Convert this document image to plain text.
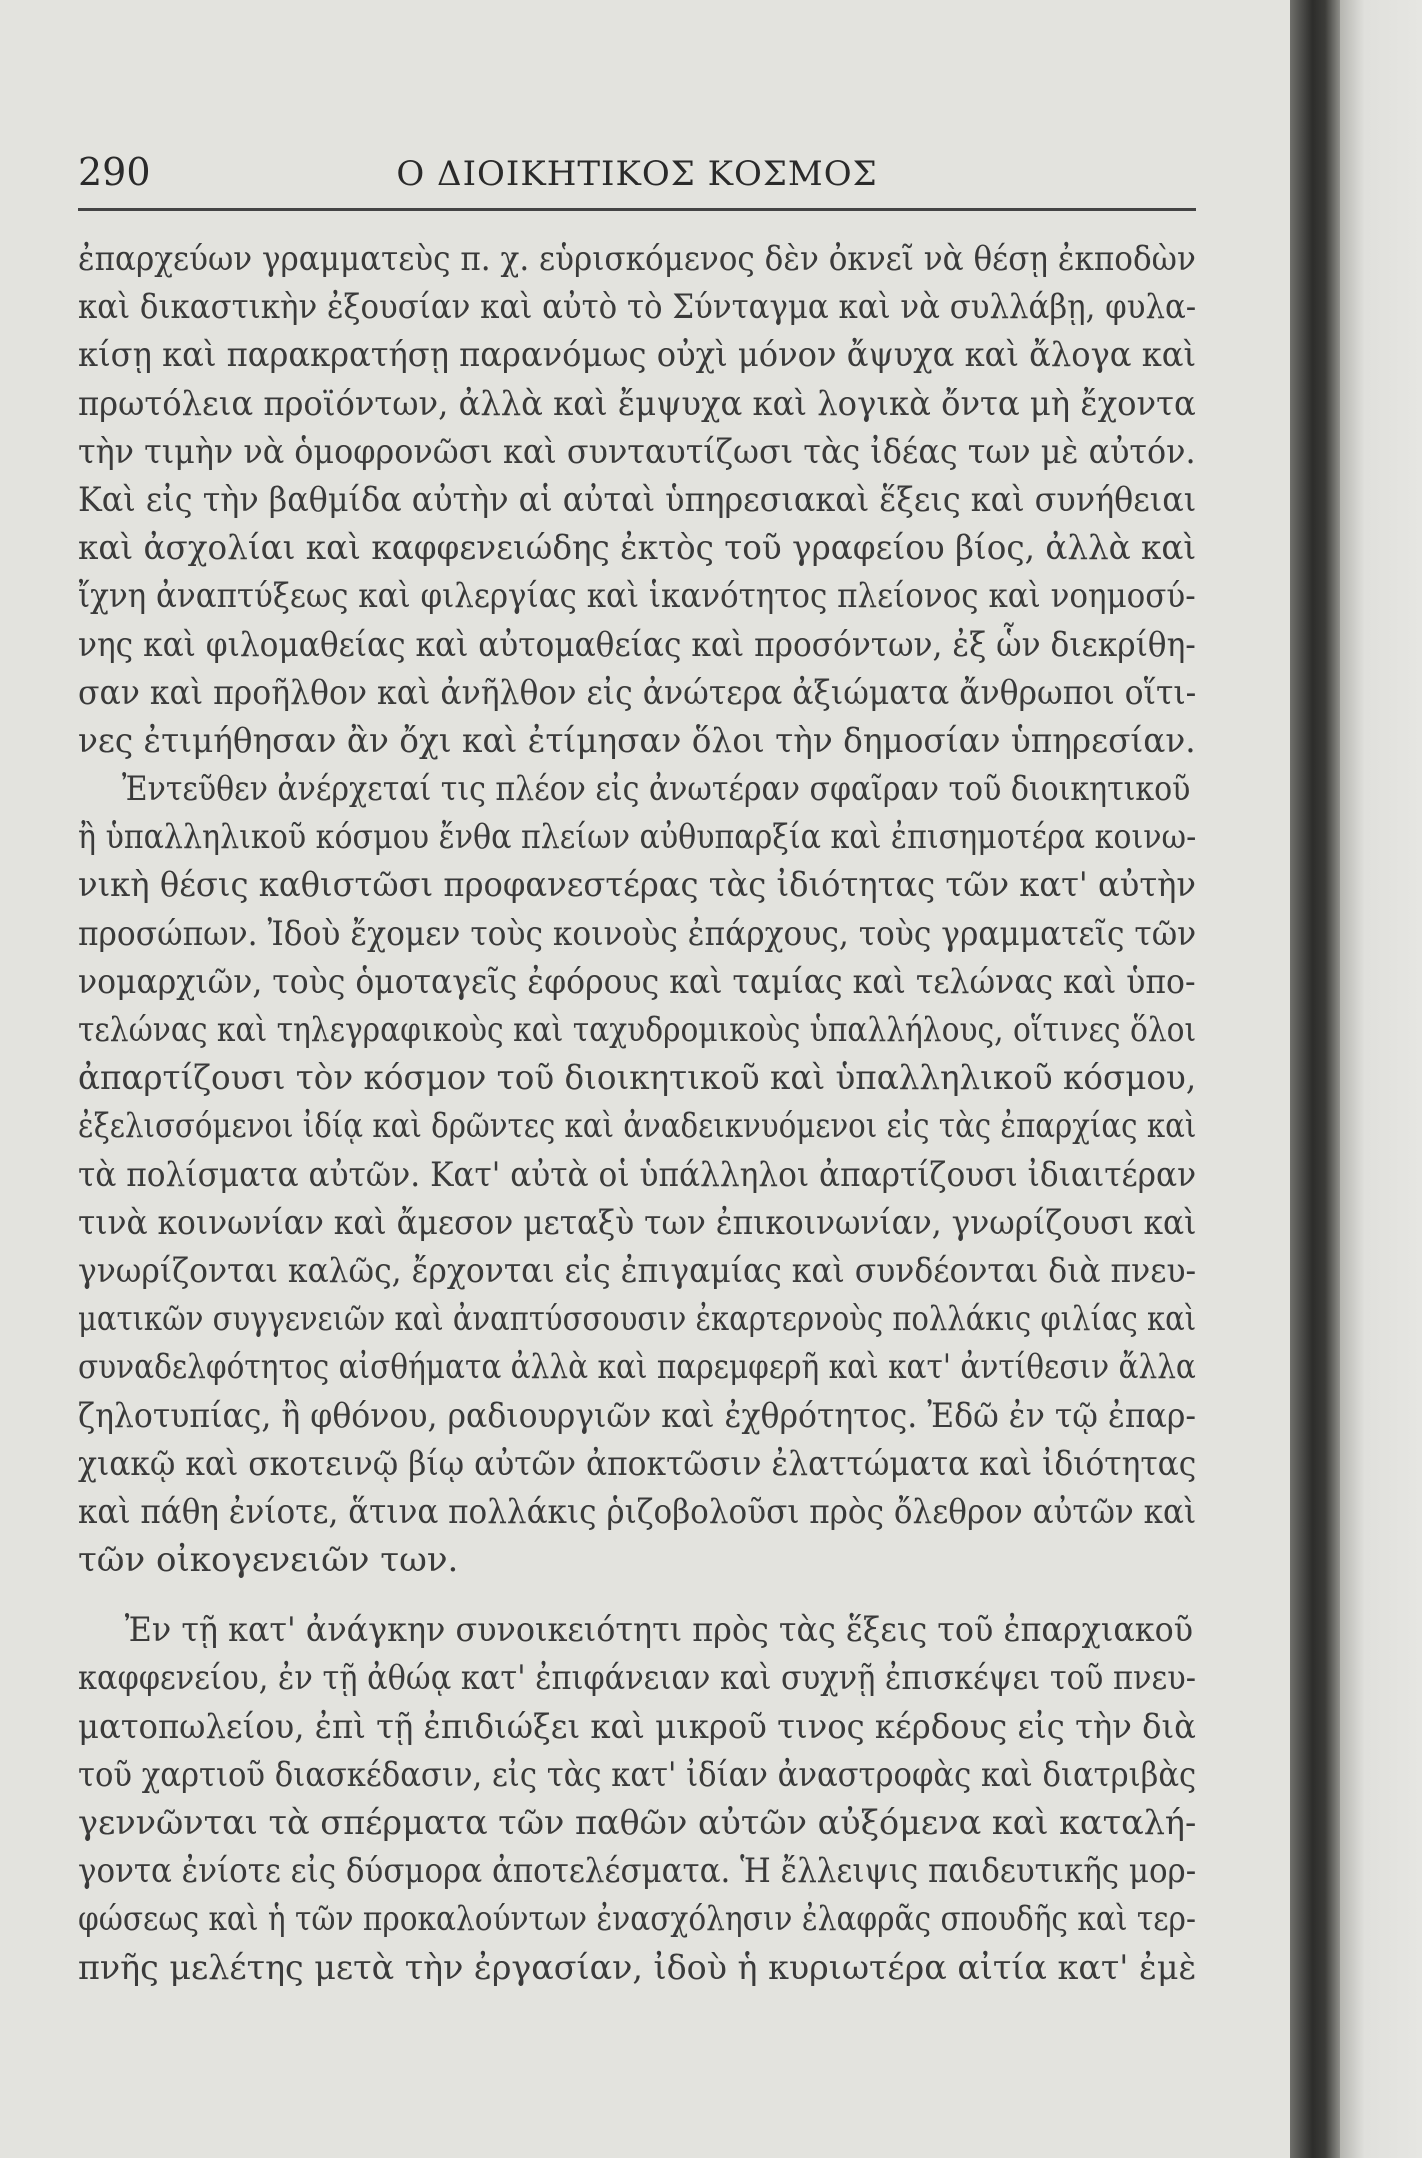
290	Ο ΔΙΟΙΚΗΤΙΚΟΣ ΚΟΣΜΟΣ
ἐπαρχεύων γραμματεὺς π. χ. εὑρισκόμενος δὲν ὀκνεῖ νὰ θέσῃ ἐκποδὼν
καὶ δικαστικὴν ἐξουσίαν καὶ αὐτὸ τὸ Σύνταγμα καὶ νὰ συλλάβῃ, φυλα-
κίσῃ καὶ παρακρατήσῃ παρανόμως οὐχὶ μόνον ἄψυχα καὶ ἄλογα καὶ
πρωτόλεια προϊόντων, ἀλλὰ καὶ ἔμψυχα καὶ λογικὰ ὄντα μὴ ἔχοντα
τὴν τιμὴν νὰ ὁμοφρονῶσι καὶ συνταυτίζωσι τὰς ἰδέας των μὲ αὐτόν.
Καὶ εἰς τὴν βαθμίδα αὐτὴν αἱ αὐταὶ ὑπηρεσιακαὶ ἕξεις καὶ συνήθειαι
καὶ ἀσχολίαι καὶ καφφενειώδης ἐκτὸς τοῦ γραφείου βίος, ἀλλὰ καὶ
ἴχνη ἀναπτύξεως καὶ φιλεργίας καὶ ἱκανότητος πλείονος καὶ νοημοσύ-
νης καὶ φιλομαθείας καὶ αὐτομαθείας καὶ προσόντων, ἐξ ὧν διεκρίθη-
σαν καὶ προῆλθον καὶ ἀνῆλθον εἰς ἀνώτερα ἀξιώματα ἄνθρωποι οἵτι-
νες ἐτιμήθησαν ἂν ὄχι καὶ ἐτίμησαν ὅλοι τὴν δημοσίαν ὑπηρεσίαν.
Ἐντεῦθεν ἀνέρχεταί τις πλέον εἰς ἀνωτέραν σφαῖραν τοῦ διοικητικοῦ
ἢ ὑπαλληλικοῦ κόσμου ἔνθα πλείων αὐθυπαρξία καὶ ἐπισημοτέρα κοινω-
νικὴ θέσις καθιστῶσι προφανεστέρας τὰς ἰδιότητας τῶν κατ' αὐτὴν
προσώπων. Ἰδοὺ ἔχομεν τοὺς κοινοὺς ἐπάρχους, τοὺς γραμματεῖς τῶν
νομαρχιῶν, τοὺς ὁμοταγεῖς ἐφόρους καὶ ταμίας καὶ τελώνας καὶ ὑπο-
τελώνας καὶ τηλεγραφικοὺς καὶ ταχυδρομικοὺς ὑπαλλήλους, οἵτινες ὅλοι
ἀπαρτίζουσι τὸν κόσμον τοῦ διοικητικοῦ καὶ ὑπαλληλικοῦ κόσμου,
ἐξελισσόμενοι ἰδίᾳ καὶ δρῶντες καὶ ἀναδεικνυόμενοι εἰς τὰς ἐπαρχίας καὶ
τὰ πολίσματα αὐτῶν. Κατ' αὐτὰ οἱ ὑπάλληλοι ἀπαρτίζουσι ἰδιαιτέραν
τινὰ κοινωνίαν καὶ ἄμεσον μεταξὺ των ἐπικοινωνίαν, γνωρίζουσι καὶ
γνωρίζονται καλῶς, ἔρχονται εἰς ἐπιγαμίας καὶ συνδέονται διὰ πνευ-
ματικῶν συγγενειῶν καὶ ἀναπτύσσουσιν ἐκαρτερνοὺς πολλάκις φιλίας καὶ
συναδελφότητος αἰσθήματα ἀλλὰ καὶ παρεμφερῆ καὶ κατ' ἀντίθεσιν ἄλλα
ζηλοτυπίας, ἢ φθόνου, ραδιουργιῶν καὶ ἐχθρότητος. Ἐδῶ ἐν τῷ ἐπαρ-
χιακῷ καὶ σκοτεινῷ βίῳ αὐτῶν ἀποκτῶσιν ἐλαττώματα καὶ ἰδιότητας
καὶ πάθη ἐνίοτε, ἅτινα πολλάκις ῥιζοβολοῦσι πρὸς ὄλεθρον αὐτῶν καὶ
τῶν οἰκογενειῶν των.
Ἐν τῇ κατ' ἀνάγκην συνοικειότητι πρὸς τὰς ἕξεις τοῦ ἐπαρχιακοῦ
καφφενείου, ἐν τῇ ἀθώᾳ κατ' ἐπιφάνειαν καὶ συχνῇ ἐπισκέψει τοῦ πνευ-
ματοπωλείου, ἐπὶ τῇ ἐπιδιώξει καὶ μικροῦ τινος κέρδους εἰς τὴν διὰ
τοῦ χαρτιοῦ διασκέδασιν, εἰς τὰς κατ' ἰδίαν ἀναστροφὰς καὶ διατριβὰς
γεννῶνται τὰ σπέρματα τῶν παθῶν αὐτῶν αὐξόμενα καὶ καταλή-
γοντα ἐνίοτε εἰς δύσμορα ἀποτελέσματα. Ἡ ἔλλειψις παιδευτικῆς μορ-
φώσεως καὶ ἡ τῶν προκαλούντων ἐνασχόλησιν ἐλαφρᾶς σπουδῆς καὶ τερ-
πνῆς μελέτης μετὰ τὴν ἐργασίαν, ἰδοὺ ἡ κυριωτέρα αἰτία κατ' ἐμὲ
